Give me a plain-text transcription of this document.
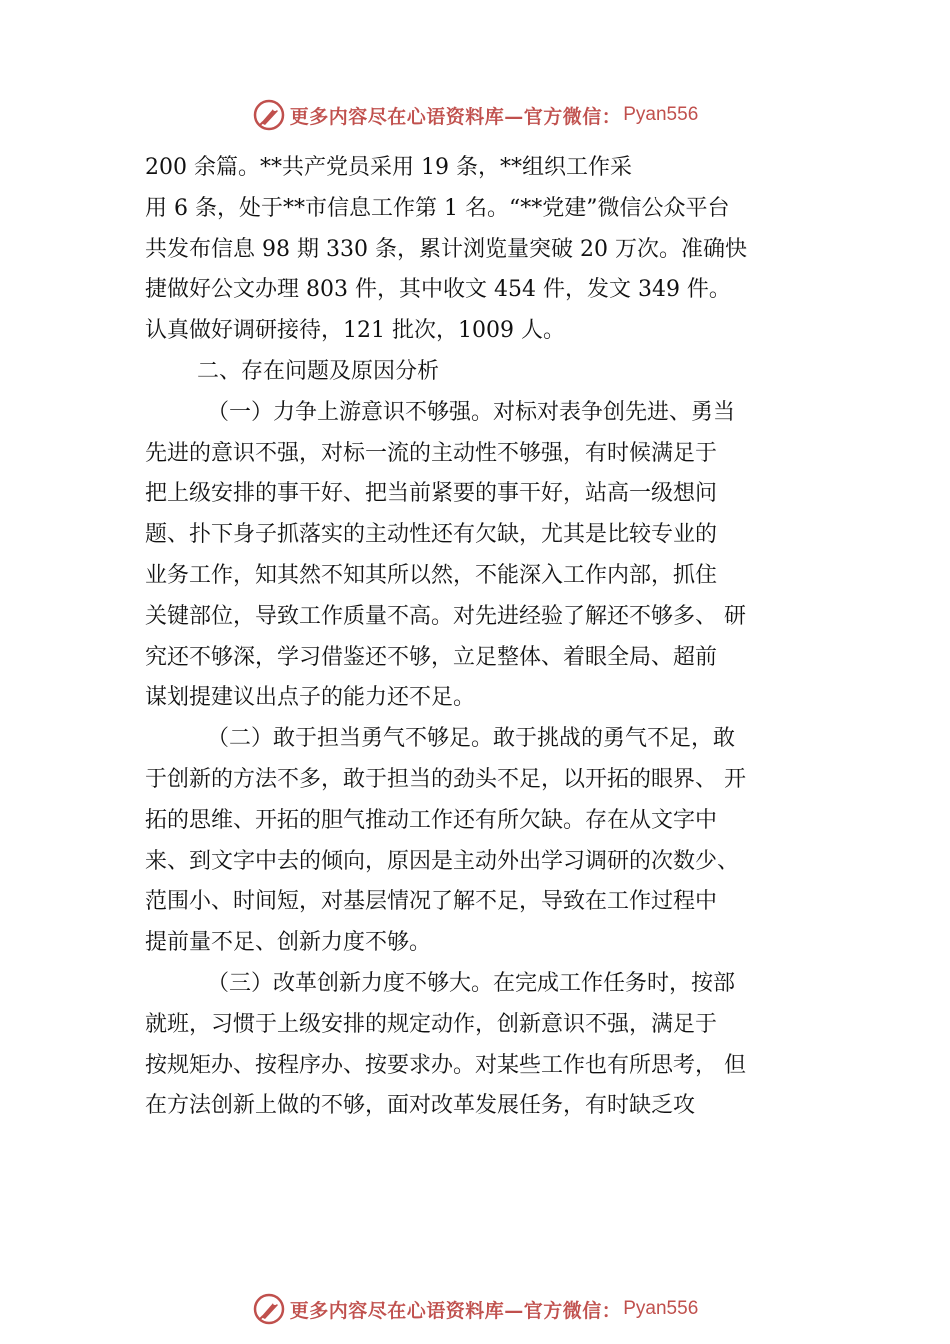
更多内容尽在心语资料库—官方微信： Pyan556
200 余篇。**共产党员采用 19 条，**组织工作采
用 6 条，处于**市信息工作第 1 名。“**党建”微信公众平台
共发布信息 98 期 330 条，累计浏览量突破 20 万次。准确快
捷做好公文办理 803 件，其中收文 454 件，发文 349 件。
认真做好调研接待，121 批次，1009 人。
二、存在问题及原因分析
（一）力争上游意识不够强。对标对表争创先进、勇当
先进的意识不强，对标一流的主动性不够强，有时候满足于
把上级安排的事干好、把当前紧要的事干好，站高一级想问
题、扑下身子抓落实的主动性还有欠缺，尤其是比较专业的
业务工作，知其然不知其所以然，不能深入工作内部，抓住
关键部位，导致工作质量不高。对先进经验了解还不够多、 研
究还不够深，学习借鉴还不够，立足整体、着眼全局、超前
谋划提建议出点子的能力还不足。
（二）敢于担当勇气不够足。敢于挑战的勇气不足，敢
于创新的方法不多，敢于担当的劲头不足，以开拓的眼界、 开
拓的思维、开拓的胆气推动工作还有所欠缺。存在从文字中
来、到文字中去的倾向，原因是主动外出学习调研的次数少、
范围小、时间短，对基层情况了解不足，导致在工作过程中
提前量不足、创新力度不够。
（三）改革创新力度不够大。在完成工作任务时，按部
就班，习惯于上级安排的规定动作，创新意识不强，满足于
按规矩办、按程序办、按要求办。对某些工作也有所思考， 但
在方法创新上做的不够，面对改革发展任务，有时缺乏攻
更多内容尽在心语资料库—官方微信： Pyan556
